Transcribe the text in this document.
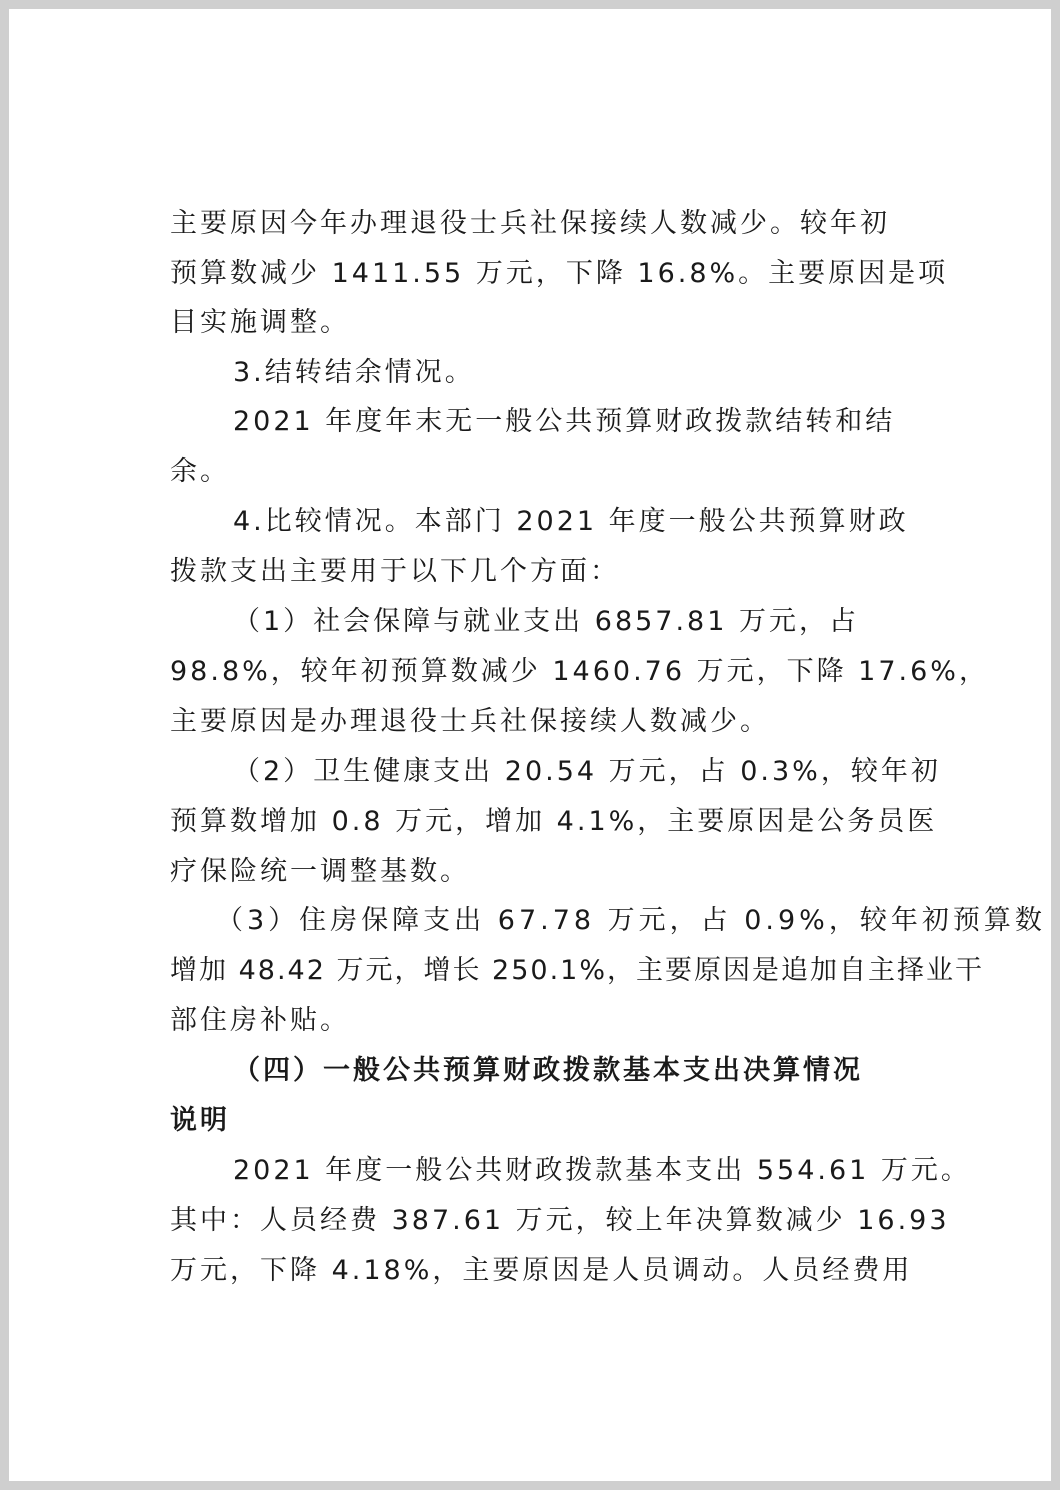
主要原因今年办理退役士兵社保接续人数减少。较年初
预算数减少 1411.55 万元，下降 16.8%。主要原因是项
目实施调整。
3.结转结余情况。
2021 年度年末无一般公共预算财政拨款结转和结
余。
4.比较情况。本部门 2021 年度一般公共预算财政
拨款支出主要用于以下几个方面：
（1）社会保障与就业支出 6857.81 万元，占
98.8%，较年初预算数减少 1460.76 万元，下降 17.6%，
主要原因是办理退役士兵社保接续人数减少。
（2）卫生健康支出 20.54 万元，占 0.3%，较年初
预算数增加 0.8 万元，增加 4.1%，主要原因是公务员医
疗保险统一调整基数。
（3）住房保障支出 67.78 万元，占 0.9%，较年初预算数
增加 48.42 万元，增长 250.1%，主要原因是追加自主择业干
部住房补贴。
（四）一般公共预算财政拨款基本支出决算情况
说明
2021 年度一般公共财政拨款基本支出 554.61 万元。
其中：人员经费 387.61 万元，较上年决算数减少 16.93
万元，下降 4.18%，主要原因是人员调动。人员经费用
